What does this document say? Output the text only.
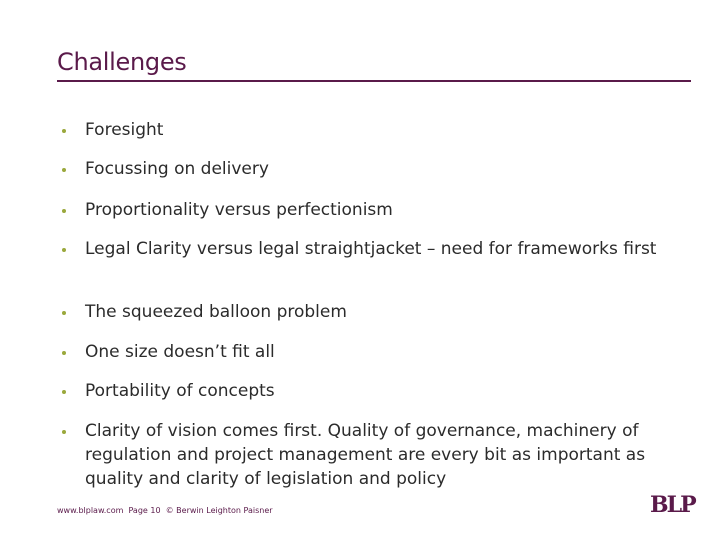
Challenges
Foresight
Focussing on delivery
Proportionality versus perfectionism
Legal Clarity versus legal straightjacket – need for frameworks first
The squeezed balloon problem
One size doesn’t fit all
Portability of concepts
Clarity of vision comes first. Quality of governance, machinery of regulation and project management are every bit as important as quality and clarity of legislation and policy
www.blplaw.com  Page 10  © Berwin Leighton Paisner	BLP
